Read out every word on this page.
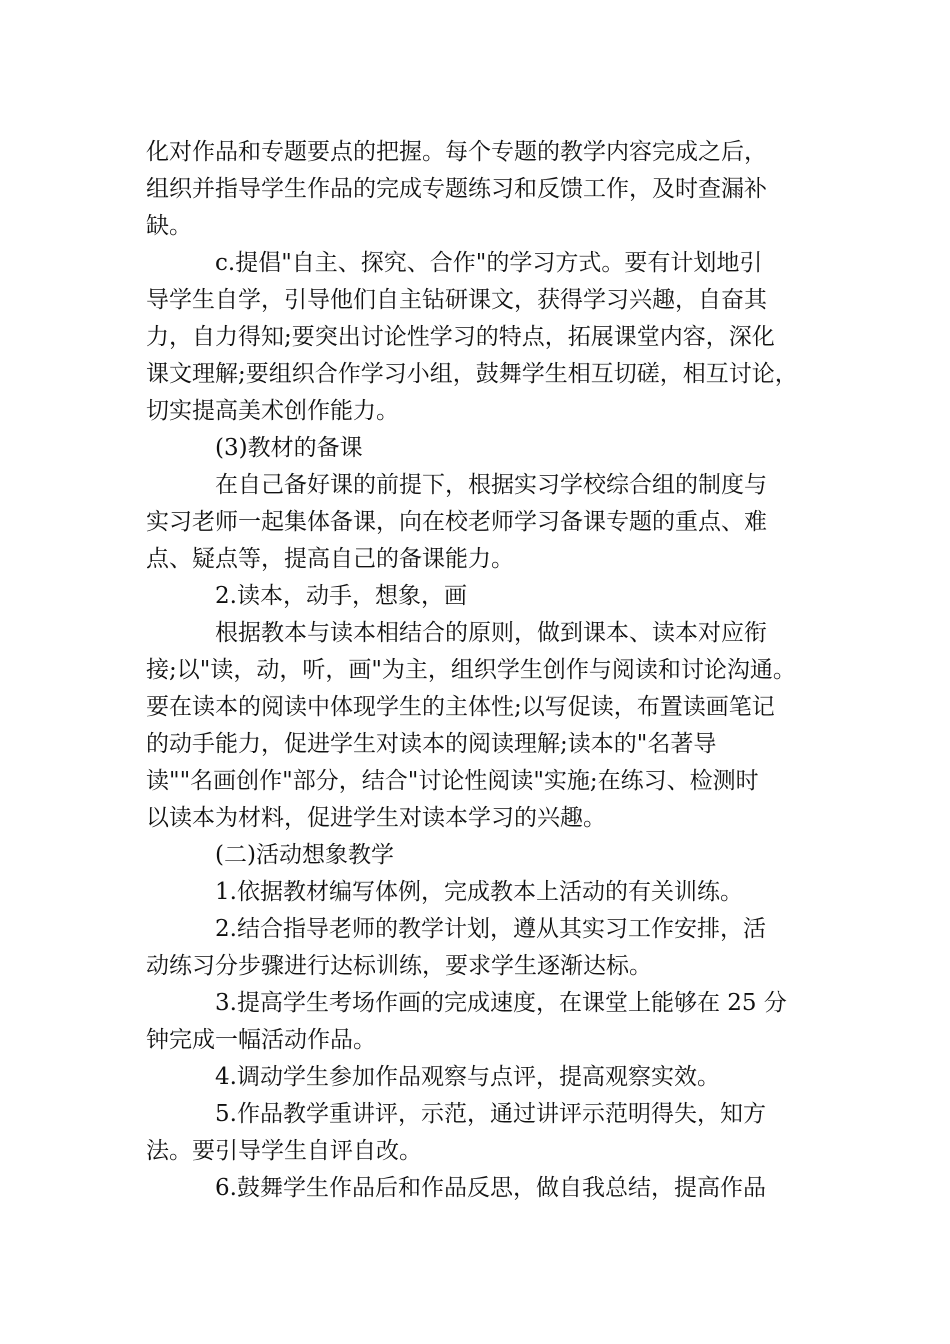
化对作品和专题要点的把握。每个专题的教学内容完成之后，
组织并指导学生作品的完成专题练习和反馈工作，及时查漏补
缺。
c.提倡"自主、探究、合作"的学习方式。要有计划地引
导学生自学，引导他们自主钻研课文，获得学习兴趣，自奋其
力，自力得知;要突出讨论性学习的特点，拓展课堂内容，深化
课文理解;要组织合作学习小组，鼓舞学生相互切磋，相互讨论，
切实提高美术创作能力。
(3)教材的备课
在自己备好课的前提下，根据实习学校综合组的制度与
实习老师一起集体备课，向在校老师学习备课专题的重点、难
点、疑点等，提高自己的备课能力。
2.读本，动手，想象，画
根据教本与读本相结合的原则，做到课本、读本对应衔
接;以"读，动，听，画"为主，组织学生创作与阅读和讨论沟通。
要在读本的阅读中体现学生的主体性;以写促读，布置读画笔记
的动手能力，促进学生对读本的阅读理解;读本的"名著导
读""名画创作"部分，结合"讨论性阅读"实施;在练习、检测时
以读本为材料，促进学生对读本学习的兴趣。
(二)活动想象教学
1.依据教材编写体例，完成教本上活动的有关训练。
2.结合指导老师的教学计划，遵从其实习工作安排，活
动练习分步骤进行达标训练，要求学生逐渐达标。
3.提高学生考场作画的完成速度，在课堂上能够在 25 分
钟完成一幅活动作品。
4.调动学生参加作品观察与点评，提高观察实效。
5.作品教学重讲评，示范，通过讲评示范明得失，知方
法。要引导学生自评自改。
6.鼓舞学生作品后和作品反思，做自我总结，提高作品
